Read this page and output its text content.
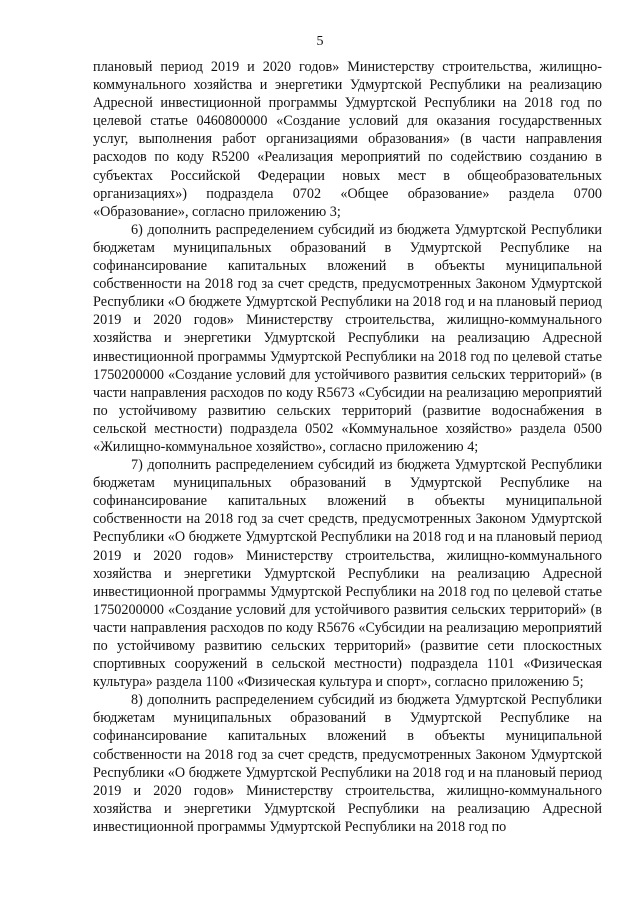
5

плановый период 2019 и 2020 годов» Министерству строительства, жилищно-коммунального хозяйства и энергетики Удмуртской Республики на реализацию Адресной инвестиционной программы Удмуртской Республики на 2018 год по целевой статье 0460800000 «Создание условий для оказания государственных услуг, выполнения работ организациями образования» (в части направления расходов по коду R5200 «Реализация мероприятий по содействию созданию в субъектах Российской Федерации новых мест в общеобразовательных организациях») подраздела 0702 «Общее образование» раздела 0700 «Образование», согласно приложению 3;

6) дополнить распределением субсидий из бюджета Удмуртской Республики бюджетам муниципальных образований в Удмуртской Республике на софинансирование капитальных вложений в объекты муниципальной собственности на 2018 год за счет средств, предусмотренных Законом Удмуртской Республики «О бюджете Удмуртской Республики на 2018 год и на плановый период 2019 и 2020 годов» Министерству строительства, жилищно-коммунального хозяйства и энергетики Удмуртской Республики на реализацию Адресной инвестиционной программы Удмуртской Республики на 2018 год по целевой статье 1750200000 «Создание условий для устойчивого развития сельских территорий» (в части направления расходов по коду R5673 «Субсидии на реализацию мероприятий по устойчивому развитию сельских территорий (развитие водоснабжения в сельской местности) подраздела 0502 «Коммунальное хозяйство» раздела 0500 «Жилищно-коммунальное хозяйство», согласно приложению 4;

7) дополнить распределением субсидий из бюджета Удмуртской Республики бюджетам муниципальных образований в Удмуртской Республике на софинансирование капитальных вложений в объекты муниципальной собственности на 2018 год за счет средств, предусмотренных Законом Удмуртской Республики «О бюджете Удмуртской Республики на 2018 год и на плановый период 2019 и 2020 годов» Министерству строительства, жилищно-коммунального хозяйства и энергетики Удмуртской Республики на реализацию Адресной инвестиционной программы Удмуртской Республики на 2018 год по целевой статье 1750200000 «Создание условий для устойчивого развития сельских территорий» (в части направления расходов по коду R5676 «Субсидии на реализацию мероприятий по устойчивому развитию сельских территорий» (развитие сети плоскостных спортивных сооружений в сельской местности) подраздела 1101 «Физическая культура» раздела 1100 «Физическая культура и спорт», согласно приложению 5;

8) дополнить распределением субсидий из бюджета Удмуртской Республики бюджетам муниципальных образований в Удмуртской Республике на софинансирование капитальных вложений в объекты муниципальной собственности на 2018 год за счет средств, предусмотренных Законом Удмуртской Республики «О бюджете Удмуртской Республики на 2018 год и на плановый период 2019 и 2020 годов» Министерству строительства, жилищно-коммунального хозяйства и энергетики Удмуртской Республики на реализацию Адресной инвестиционной программы Удмуртской Республики на 2018 год по
